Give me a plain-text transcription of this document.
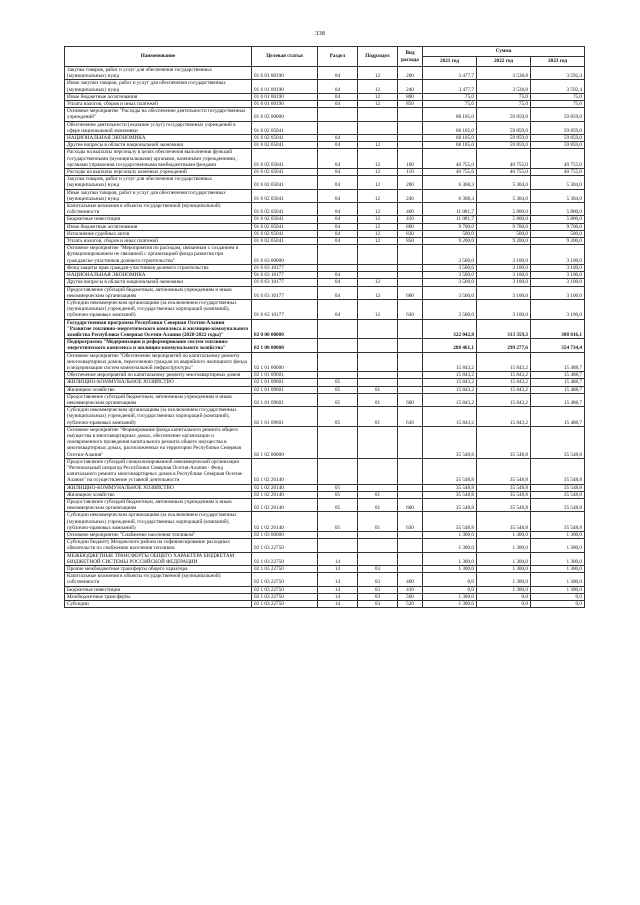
338
Наименование	Целевая статья	Раздел	Подраздел	Вид расхода	Сумма		
					2021 год	2022 год	2023 год
Закупка товаров, работ и услуг для обеспечения государственных (муниципальных) нужд	01 6 01 00190	04	12	200	3 477,7	3 538,8	3 592,4
Иные закупки товаров, работ и услуг для обеспечения государственных (муниципальных) нужд	01 6 01 00190	04	12	240	3 477,7	3 538,8	3 592,4
Иные бюджетные ассигнования	01 6 01 00190	04	12	800	75,0	75,0	75,0
Уплата налогов, сборов и иных платежей	01 6 01 00190	04	12	850	75,0	75,0	75,0
Основное мероприятие "Расходы на обеспечение деятельности государственных учреждений"	01 6 02 00000				68 105,0	59 859,0	59 859,0
Обеспечение деятельности (оказание услуг) государственных учреждений в сфере национальной экономики	01 6 02 05041				68 105,0	59 859,0	59 859,0
НАЦИОНАЛЬНАЯ ЭКОНОМИКА	01 6 02 05041	04			68 105,0	59 859,0	59 859,0
Другие вопросы в области национальной экономики	01 6 02 05041	04	12		68 105,0	59 859,0	59 859,0
Расходы на выплаты персоналу в целях обеспечения выполнения функций государственными (муниципальными) органами, казенными учреждениями, органами управления государственными внебюджетными фондами	01 6 02 05041	04	12	100	40 755,0	40 755,0	40 755,0
Расходы на выплаты персоналу казенных учреждений	01 6 02 05041	04	12	110	40 755,0	40 755,0	40 755,0
Закупка товаров, работ и услуг для обеспечения государственных (муниципальных) нужд	01 6 02 05041	04	12	200	6 368,3	5 304,0	5 304,0
Иные закупки товаров, работ и услуг для обеспечения государственных (муниципальных) нужд	01 6 02 05041	04	12	240	6 368,3	5 304,0	5 304,0
Капитальные вложения в объекты государственной (муниципальной) собственности	01 6 02 05041	04	12	400	11 081,7	5 800,0	5 800,0
Бюджетные инвестиции	01 6 02 05041	04	12	410	11 081,7	5 800,0	5 800,0
Иные бюджетные ассигнования	01 6 02 05041	04	12	800	9 700,0	9 700,0	9 700,0
Исполнение судебных актов	01 6 02 05041	04	12	830	500,0	500,0	500,0
Уплата налогов, сборов и иных платежей	01 6 02 05041	04	12	850	9 200,0	9 200,0	9 200,0
Основное мероприятие "Мероприятия по расходам, связанным с созданием и функционированием не связанной с организацией фонда развития при гражданско-участников долевого строительства"	01 6 63 00000				3 500,0	3 100,0	3 100,0
Фонд защиты прав граждан-участников долевого строительства	01 6 63 10177				3 500,0	3 100,0	3 100,0
НАЦИОНАЛЬНАЯ ЭКОНОМИКА	01 6 63 10177	04			3 500,0	3 100,0	3 100,0
Другие вопросы в области национальной экономики	01 6 63 10177	04	12		3 500,0	3 100,0	3 100,0
Предоставление субсидий бюджетным, автономным учреждениям и иным некоммерческим организациям	01 6 63 10177	04	12	600	3 500,0	3 100,0	3 100,0
Субсидии некоммерческим организациям (за исключением государственных (муниципальных) учреждений, государственных корпораций (компаний), публично-правовых компаний)	01 6 63 10177	04	12	630	3 500,0	3 100,0	3 100,0
Государственная программа Республики Северная Осетия-Алания "Развитие топливно-энергетического комплекса и жилищно-коммунального хозяйства Республики Северная Осетия-Алания (2020-2022 годы)"	02 0 00 00000				322 042,8	313 359,3	388 816,1
Подпрограмма "Модернизация и реформирование систем топливно-энергетического комплекса и жилищно-коммунального хозяйства"	02 1 00 00000				288 461,1	299 277,6	354 734,4
Основное мероприятие "Обеспечение мероприятий по капитальному ремонту многоквартирных домов, переселению граждан из аварийного жилищного фонда и модернизации систем коммунальной инфраструктуры"	02 1 01 00000				15 843,2	15 843,2	15 488,7
Обеспечение мероприятий по капитальному ремонту многоквартирных домов	02 1 01 09601				15 843,2	15 843,2	15 488,7
ЖИЛИЩНО-КОММУНАЛЬНОЕ ХОЗЯЙСТВО	02 1 01 09601	05			15 843,2	15 843,2	15 488,7
Жилищное хозяйство	02 1 01 09601	05	01		15 843,2	15 843,2	15 488,7
Предоставление субсидий бюджетным, автономным учреждениям и иным некоммерческим организациям	02 1 01 09601	05	01	600	15 843,2	15 843,2	15 488,7
Субсидии некоммерческим организациям (за исключением государственных (муниципальных) учреждений, государственных корпораций (компаний), публично-правовых компаний)	02 1 01 09601	05	01	630	15 843,2	15 843,2	15 488,7
Основное мероприятие "Формирование фонда капитального ремонта общего имущества в многоквартирных домах, обеспечение организации и своевременного проведения капитального ремонта общего имущества в многоквартирных домах, расположенных на территории Республики Северная Осетия-Алания"	02 1 02 00000				35 548,8	35 548,8	35 548,8
Предоставление субсидий специализированной некоммерческой организации "Региональный оператор Республики Северная Осетия-Алания - Фонд капитального ремонта многоквартирных домов в Республике Северная Осетия-Алания" на осуществление уставной деятельности	02 1 02 20140				35 548,8	35 548,8	35 548,8
ЖИЛИЩНО-КОММУНАЛЬНОЕ ХОЗЯЙСТВО	02 1 02 20140	05			35 548,8	35 548,8	35 548,8
Жилищное хозяйство	02 1 02 20140	05	01		35 548,8	35 548,8	35 548,8
Предоставление субсидий бюджетным, автономным учреждениям и иным некоммерческим организациям	02 1 02 20140	05	01	600	35 548,8	35 548,8	35 548,8
Субсидии некоммерческим организациям (за исключением государственных (муниципальных) учреждений, государственных корпораций (компаний), публично-правовых компаний)	02 1 02 20140	05	01	630	35 548,8	35 548,8	35 548,8
Основное мероприятие "Снабжение населения топливом"	02 1 03 00000				1 300,0	1 300,0	1 300,0
Субсидии бюджету Моздокского района на софинансирование расходных обязательств по снабжению населения топливом	02 1 03 22750				1 300,0	1 300,0	1 300,0
МЕЖБЮДЖЕТНЫЕ ТРАНСФЕРТЫ ОБЩЕГО ХАРАКТЕРА БЮДЖЕТАМ БЮДЖЕТНОЙ СИСТЕМЫ РОССИЙСКОЙ ФЕДЕРАЦИИ	02 1 03 22750	14			1 300,0	1 300,0	1 300,0
Прочие межбюджетные трансферты общего характера	02 1 03 22750	14	03		1 300,0	1 300,0	1 300,0
Капитальные вложения в объекты государственной (муниципальной) собственности	02 1 03 22750	14	03	400	0,0	1 300,0	1 300,0
Бюджетные инвестиции	02 1 03 22750	14	03	410	0,0	1 300,0	1 300,0
Межбюджетные трансферты	02 1 03 22750	14	03	500	1 300,0	0,0	0,0
Субсидии	02 1 03 22750	14	03	520	1 300,0	0,0	0,0
